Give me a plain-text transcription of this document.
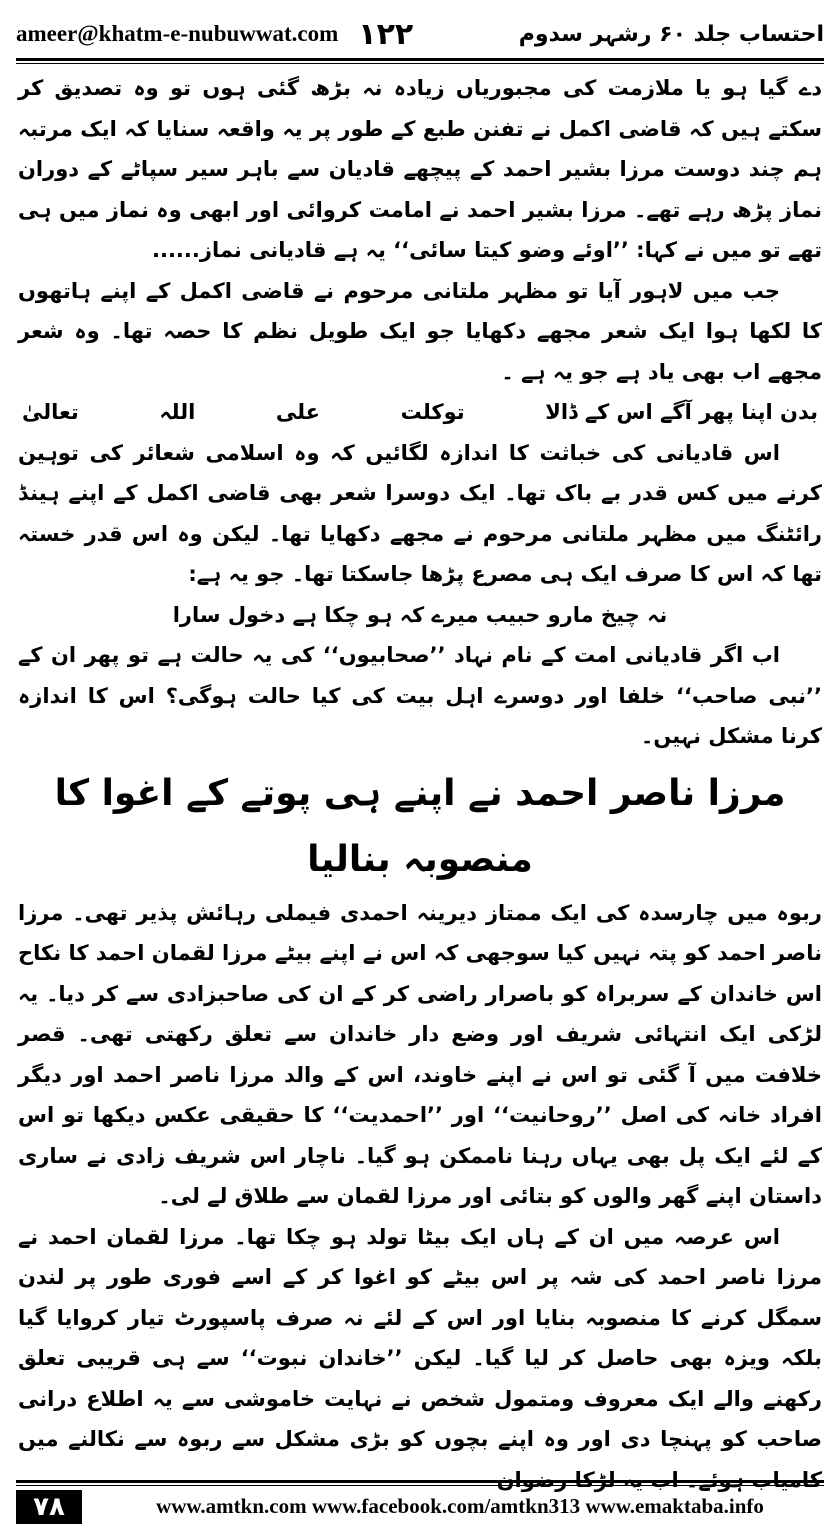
ameer@khatm-e-nubuwwat.com ۱۲۲	احتساب جلد ۶۰ رشہر سدوم

دے گیا ہو یا ملازمت کی مجبوریاں زیادہ نہ بڑھ گئی ہوں تو وہ تصدیق کر سکتے ہیں کہ قاضی اکمل نے تفنن طبع کے طور پر یہ واقعہ سنایا کہ ایک مرتبہ ہم چند دوست مرزا بشیر احمد کے پیچھے قادیان سے باہر سیر سپاٹے کے دوران نماز پڑھ رہے تھے۔ مرزا بشیر احمد نے امامت کروائی اور ابھی وہ نماز میں ہی تھے تو میں نے کہا: ’’اوئے وضو کیتا سائی‘‘ یہ ہے قادیانی نماز......

جب میں لاہور آیا تو مظہر ملتانی مرحوم نے قاضی اکمل کے اپنے ہاتھوں کا لکھا ہوا ایک شعر مجھے دکھایا جو ایک طویل نظم کا حصہ تھا۔ وہ شعر مجھے اب بھی یاد ہے جو یہ ہے ۔

بدن اپنا پھر آگے اس کے ڈالا
توکلت
علی
اللہ
تعالیٰ

اس قادیانی کی خباثت کا اندازہ لگائیں کہ وہ اسلامی شعائر کی توہین کرنے میں کس قدر بے باک تھا۔ ایک دوسرا شعر بھی قاضی اکمل کے اپنے ہینڈ رائٹنگ میں مظہر ملتانی مرحوم نے مجھے دکھایا تھا۔ لیکن وہ اس قدر خستہ تھا کہ اس کا صرف ایک ہی مصرع پڑھا جاسکتا تھا۔ جو یہ ہے:

نہ چیخ مارو حبیب میرے کہ ہو چکا ہے دخول سارا

اب اگر قادیانی امت کے نام نہاد ’’صحابیوں‘‘ کی یہ حالت ہے تو پھر ان کے ’’نبی صاحب‘‘ خلفا اور دوسرے اہل بیت کی کیا حالت ہوگی؟ اس کا اندازہ کرنا مشکل نہیں۔

مرزا ناصر احمد نے اپنے ہی پوتے کے اغوا کا منصوبہ بنالیا

ربوہ میں چارسدہ کی ایک ممتاز دیرینہ احمدی فیملی رہائش پذیر تھی۔ مرزا ناصر احمد کو پتہ نہیں کیا سوجھی کہ اس نے اپنے بیٹے مرزا لقمان احمد کا نکاح اس خاندان کے سربراہ کو باصرار راضی کر کے ان کی صاحبزادی سے کر دیا۔ یہ لڑکی ایک انتہائی شریف اور وضع دار خاندان سے تعلق رکھتی تھی۔ قصر خلافت میں آ گئی تو اس نے اپنے خاوند، اس کے والد مرزا ناصر احمد اور دیگر افراد خانہ کی اصل ’’روحانیت‘‘ اور ’’احمدیت‘‘ کا حقیقی عکس دیکھا تو اس کے لئے ایک پل بھی یہاں رہنا ناممکن ہو گیا۔ ناچار اس شریف زادی نے ساری داستان اپنے گھر والوں کو بتائی اور مرزا لقمان سے طلاق لے لی۔

اس عرصہ میں ان کے ہاں ایک بیٹا تولد ہو چکا تھا۔ مرزا لقمان احمد نے مرزا ناصر احمد کی شہ پر اس بیٹے کو اغوا کر کے اسے فوری طور پر لندن سمگل کرنے کا منصوبہ بنایا اور اس کے لئے نہ صرف پاسپورٹ تیار کروایا گیا بلکہ ویزہ بھی حاصل کر لیا گیا۔ لیکن ’’خاندان نبوت‘‘ سے ہی قریبی تعلق رکھنے والے ایک معروف ومتمول شخص نے نہایت خاموشی سے یہ اطلاع درانی صاحب کو پہنچا دی اور وہ اپنے بچوں کو بڑی مشکل سے ربوہ سے نکالنے میں کامیاب ہوئے۔ اب یہ لڑکا رضوان

۷۸	www.amtkn.com www.facebook.com/amtkn313 www.emaktaba.info
